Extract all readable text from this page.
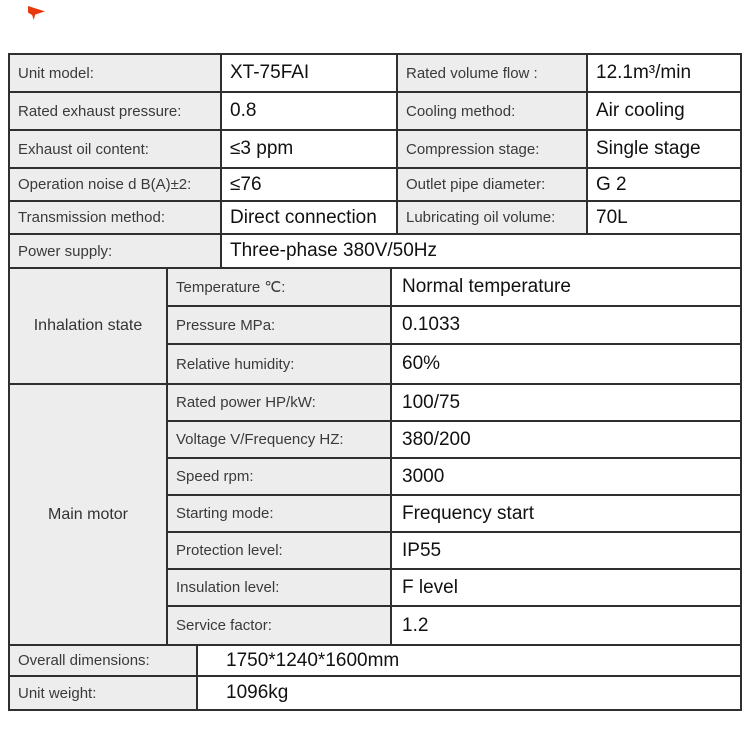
Unit model:	XT-75FAI	Rated volume flow :	12.1m³/min
Rated exhaust pressure:	0.8	Cooling method:	Air cooling
Exhaust oil content:	≤3 ppm	Compression stage:	Single stage
Operation noise d B(A)±2:	≤76	Outlet pipe diameter:	G 2
Transmission method:	Direct connection	Lubricating oil volume:	70L
Power supply:	Three-phase 380V/50Hz
Inhalation state
Temperature ℃:	Normal temperature
Pressure MPa:	0.1033
Relative humidity:	60%
Main motor
Rated power HP/kW:	100/75
Voltage V/Frequency HZ:	380/200
Speed rpm:	3000
Starting mode:	Frequency start
Protection level:	IP55
Insulation level:	F level
Service factor:	1.2
Overall dimensions:	1750*1240*1600mm
Unit weight:	1096kg
